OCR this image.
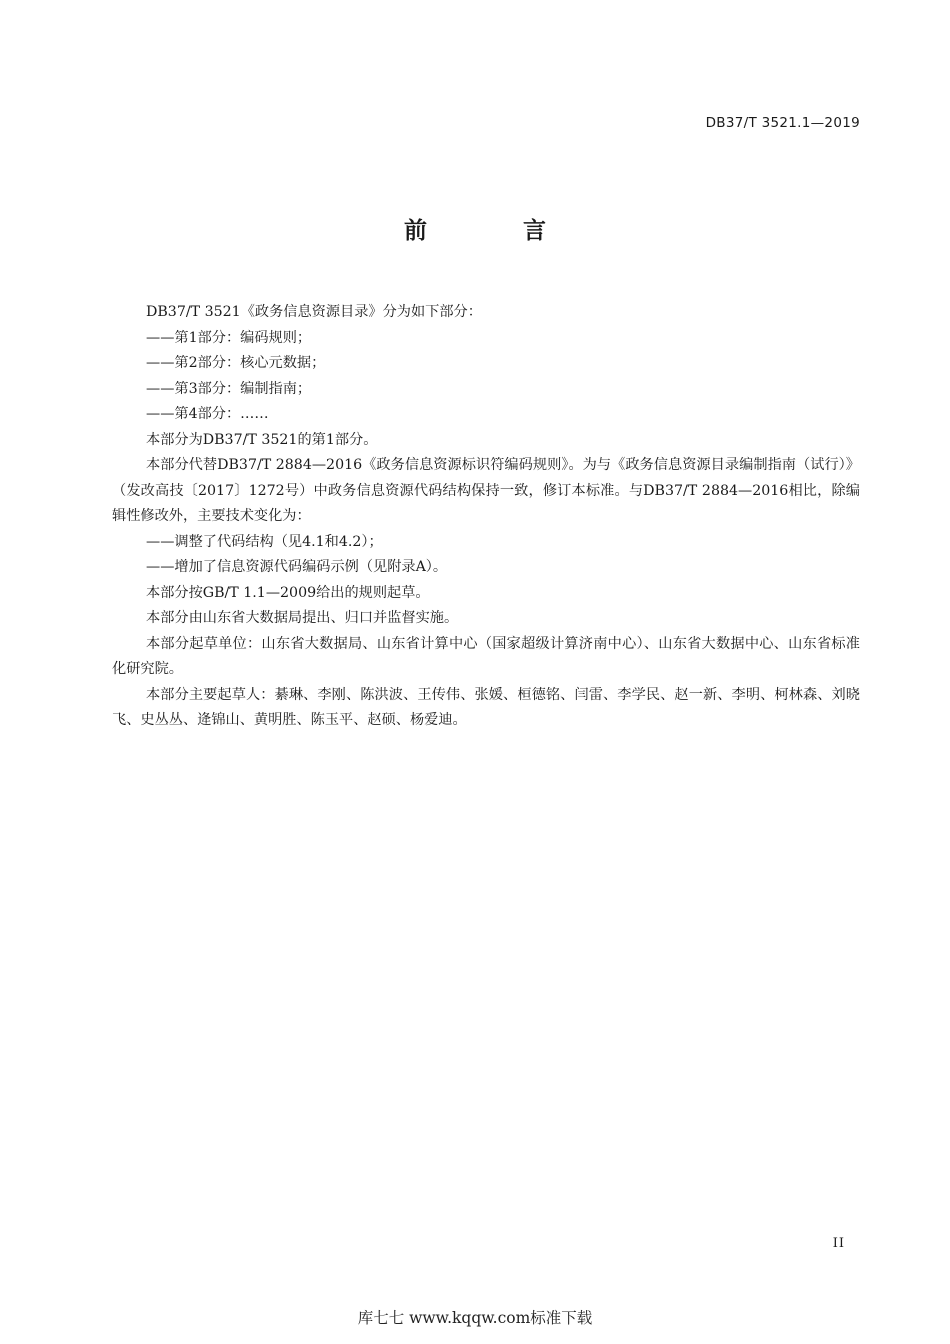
DB37/T 3521.1—2019
前 言

DB37/T 3521《政务信息资源目录》分为如下部分：

——第1部分：编码规则；

——第2部分：核心元数据；

——第3部分：编制指南；

——第4部分：……

本部分为DB37/T 3521的第1部分。

本部分代替DB37/T 2884—2016《政务信息资源标识符编码规则》。为与《政务信息资源目录编制指南（试行）》（发改高技〔2017〕1272号）中政务信息资源代码结构保持一致，修订本标准。与DB37/T 2884—2016相比，除编辑性修改外，主要技术变化为：

——调整了代码结构（见4.1和4.2）；

——增加了信息资源代码编码示例（见附录A）。

本部分按GB/T 1.1—2009给出的规则起草。

本部分由山东省大数据局提出、归口并监督实施。

本部分起草单位：山东省大数据局、山东省计算中心（国家超级计算济南中心）、山东省大数据中心、山东省标准化研究院。

本部分主要起草人：綦琳、李刚、陈洪波、王传伟、张媛、桓德铭、闫雷、李学民、赵一新、李明、柯林森、刘晓飞、史丛丛、逄锦山、黄明胜、陈玉平、赵硕、杨爱迪。

II
库七七 www.kqqw.com标准下载
